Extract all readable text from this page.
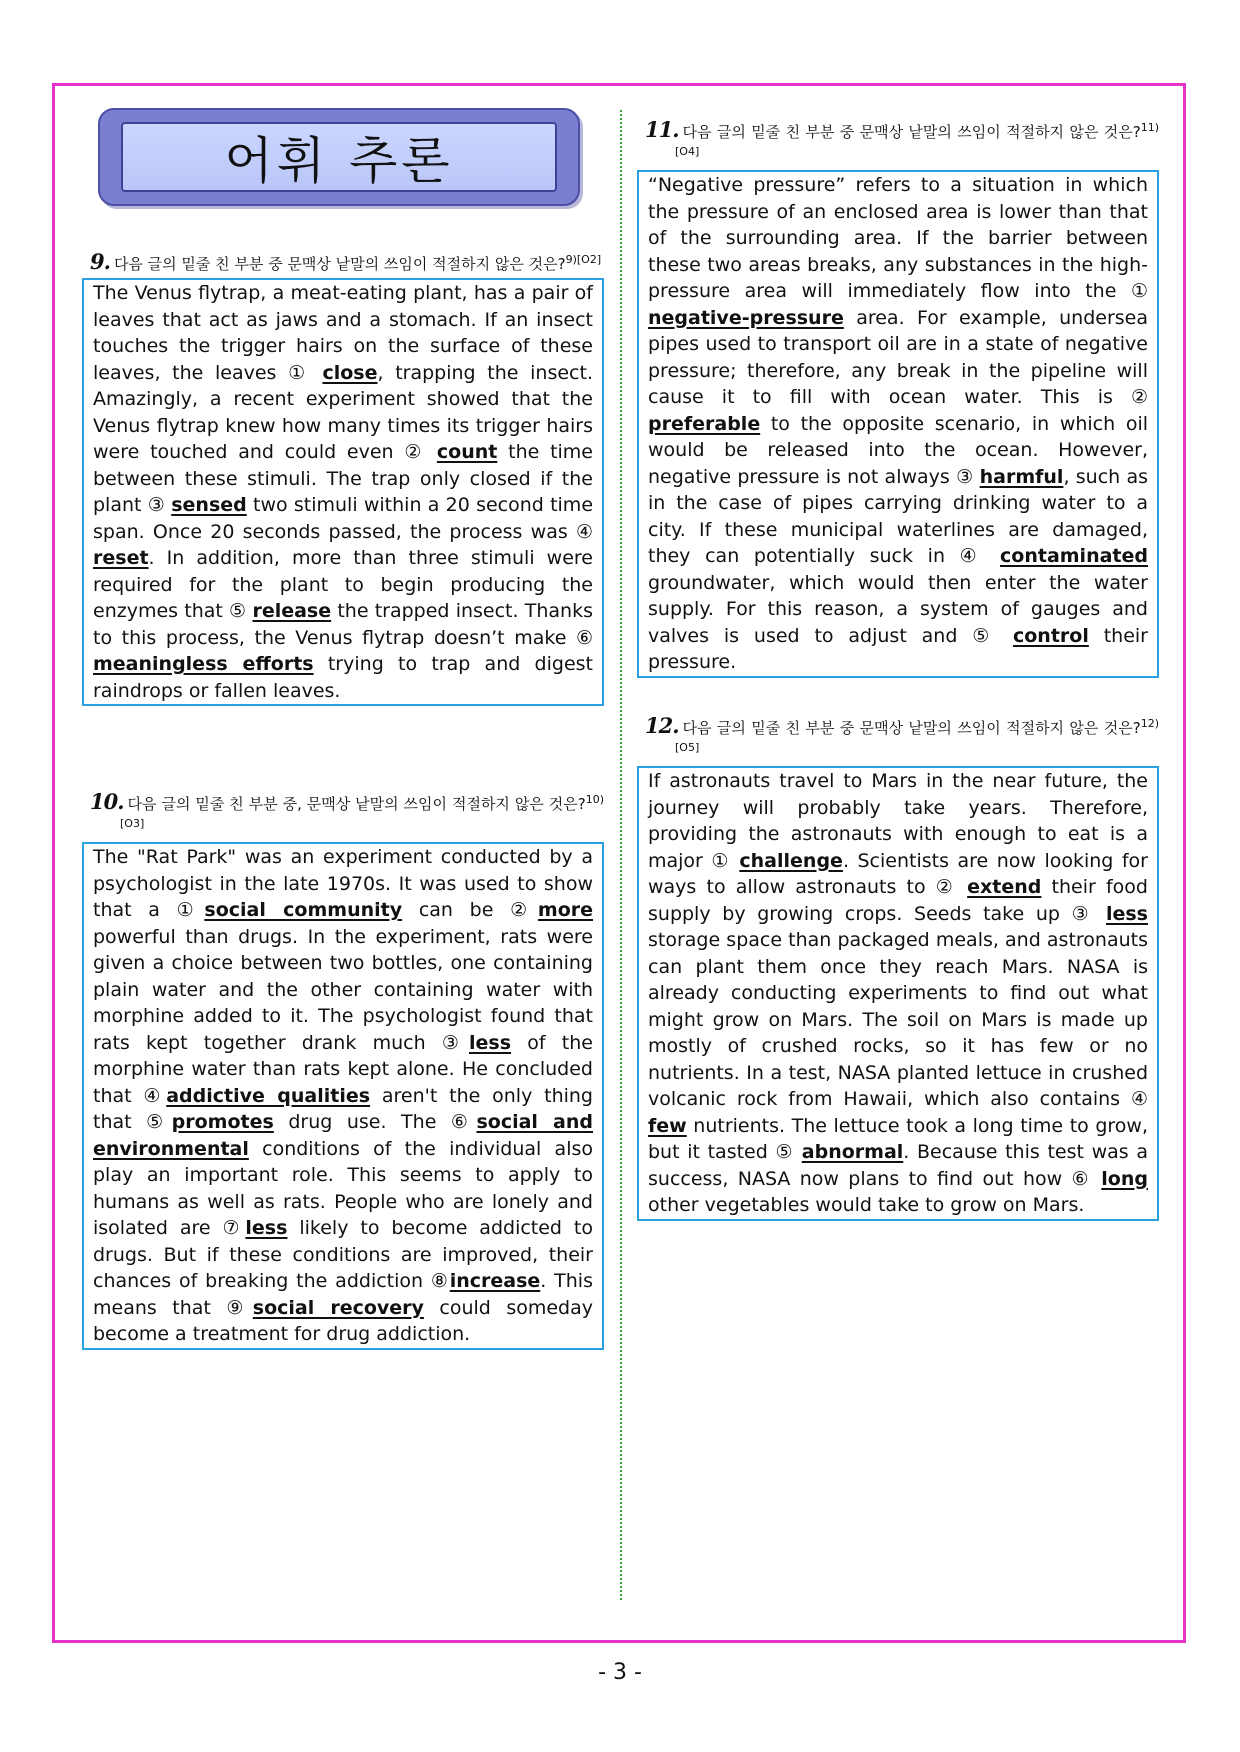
어휘 추론
9. 다음 글의 밑줄 친 부분 중 문맥상 낱말의 쓰임이 적절하지 않은 것은?$^{9)[O2]}$
The Venus flytrap, a meat-eating plant, has a pair of leaves that act as jaws and a stomach. If an insect touches the trigger hairs on the surface of these leaves, the leaves ① close, trapping the insect. Amazingly, a recent experiment showed that the Venus flytrap knew how many times its trigger hairs were touched and could even ② count the time between these stimuli. The trap only closed if the plant ③ sensed two stimuli within a 20 second time span. Once 20 seconds passed, the process was ④ reset. In addition, more than three stimuli were required for the plant to begin producing the enzymes that ⑤ release the trapped insect. Thanks to this process, the Venus flytrap doesn’t make ⑥ meaningless efforts trying to trap and digest raindrops or fallen leaves.
10. 다음 글의 밑줄 친 부분 중, 문맥상 낱말의 쓰임이 적절하지 않은 것은?$^{10)[O3]}$
The "Rat Park" was an experiment conducted by a psychologist in the late 1970s. It was used to show that a ①social community can be ②more powerful than drugs. In the experiment, rats were given a choice between two bottles, one containing plain water and the other containing water with morphine added to it. The psychologist found that rats kept together drank much ③less of the morphine water than rats kept alone. He concluded that ④addictive qualities aren't the only thing that ⑤promotes drug use. The ⑥social and environmental conditions of the individual also play an important role. This seems to apply to humans as well as rats. People who are lonely and isolated are ⑦less likely to become addicted to drugs. But if these conditions are improved, their chances of breaking the addiction ⑧increase. This means that ⑨social recovery could someday become a treatment for drug addiction.
11. 다음 글의 밑줄 친 부분 중 문맥상 낱말의 쓰임이 적절하지 않은 것은?$^{11)[O4]}$
“Negative pressure” refers to a situation in which the pressure of an enclosed area is lower than that of the surrounding area. If the barrier between these two areas breaks, any substances in the high-pressure area will immediately flow into the ① negative-pressure area. For example, undersea pipes used to transport oil are in a state of negative pressure; therefore, any break in the pipeline will cause it to fill with ocean water. This is ② preferable to the opposite scenario, in which oil would be released into the ocean. However, negative pressure is not always ③ harmful, such as in the case of pipes carrying drinking water to a city. If these municipal waterlines are damaged, they can potentially suck in ④ contaminated groundwater, which would then enter the water supply. For this reason, a system of gauges and valves is used to adjust and ⑤ control their pressure.
12. 다음 글의 밑줄 친 부분 중 문맥상 낱말의 쓰임이 적절하지 않은 것은?$^{12)[O5]}$
If astronauts travel to Mars in the near future, the journey will probably take years. Therefore, providing the astronauts with enough to eat is a major ① challenge. Scientists are now looking for ways to allow astronauts to ② extend their food supply by growing crops. Seeds take up ③ less storage space than packaged meals, and astronauts can plant them once they reach Mars. NASA is already conducting experiments to find out what might grow on Mars. The soil on Mars is made up mostly of crushed rocks, so it has few or no nutrients. In a test, NASA planted lettuce in crushed volcanic rock from Hawaii, which also contains ④ few nutrients. The lettuce took a long time to grow, but it tasted ⑤ abnormal. Because this test was a success, NASA now plans to find out how ⑥ long other vegetables would take to grow on Mars.
- 3 -
